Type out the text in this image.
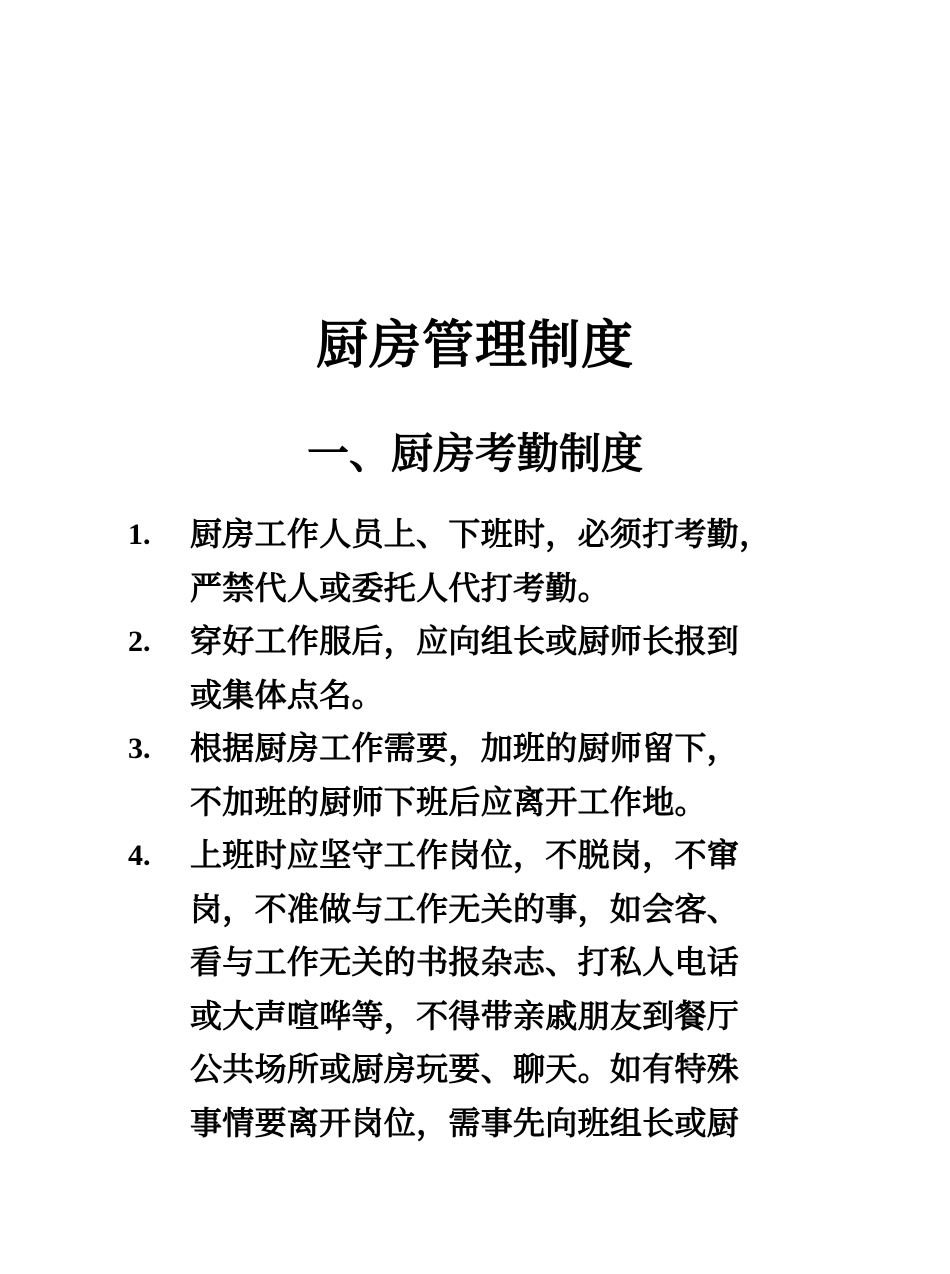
厨房管理制度
一、厨房考勤制度
1.	厨房工作人员上、下班时，必须打考勤，
严禁代人或委托人代打考勤。
2.	穿好工作服后，应向组长或厨师长报到
或集体点名。
3.	根据厨房工作需要，加班的厨师留下，
不加班的厨师下班后应离开工作地。
4.	上班时应坚守工作岗位，不脱岗，不窜
岗，不准做与工作无关的事，如会客、
看与工作无关的书报杂志、打私人电话
或大声喧哗等，不得带亲戚朋友到餐厅
公共场所或厨房玩要、聊天。如有特殊
事情要离开岗位，需事先向班组长或厨
